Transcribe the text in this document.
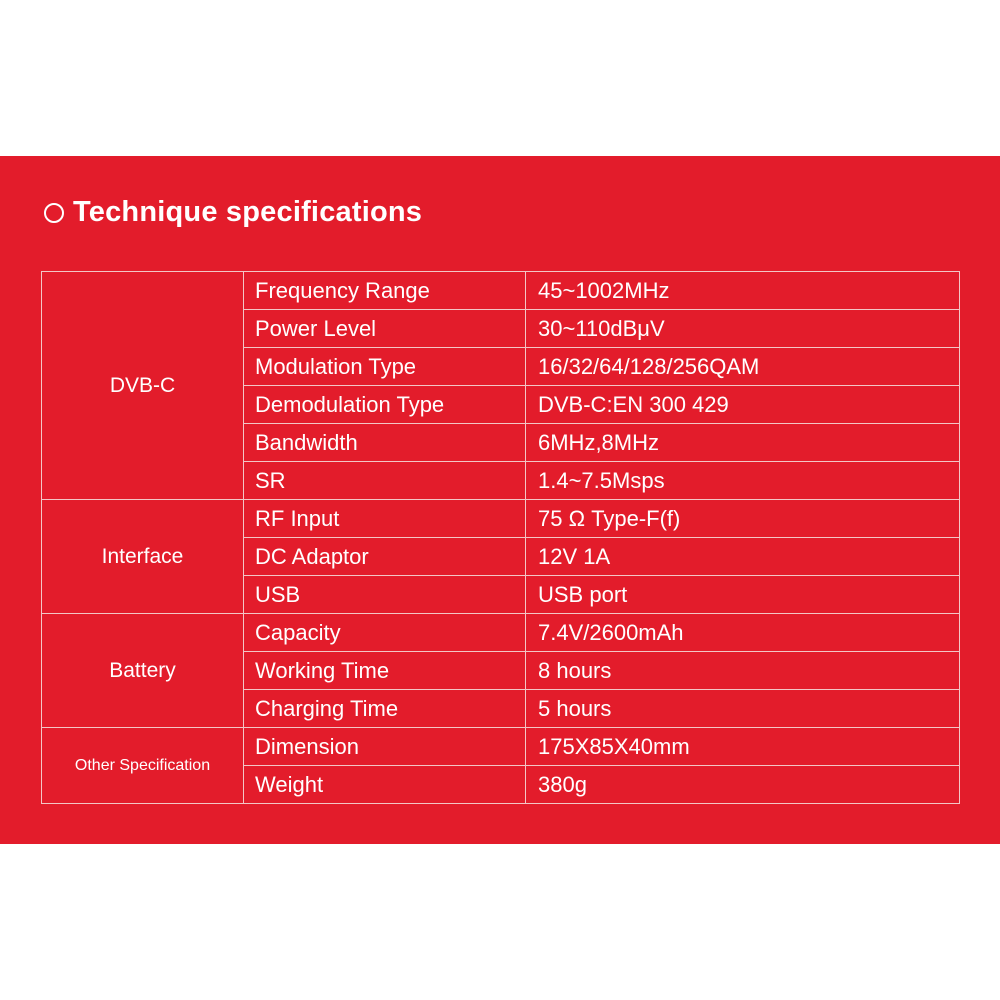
Technique specifications
DVB-C	Frequency Range	45~1002MHz
	Power Level	30~110dBμV
	Modulation Type	16/32/64/128/256QAM
	Demodulation Type	DVB-C:EN 300 429
	Bandwidth	6MHz,8MHz
	SR	1.4~7.5Msps
Interface	RF Input	75 Ω Type-F(f)
	DC Adaptor	12V 1A
	USB	USB port
Battery	Capacity	7.4V/2600mAh
	Working Time	8 hours
	Charging Time	5 hours
Other Specification	Dimension	175X85X40mm
	Weight	380g
